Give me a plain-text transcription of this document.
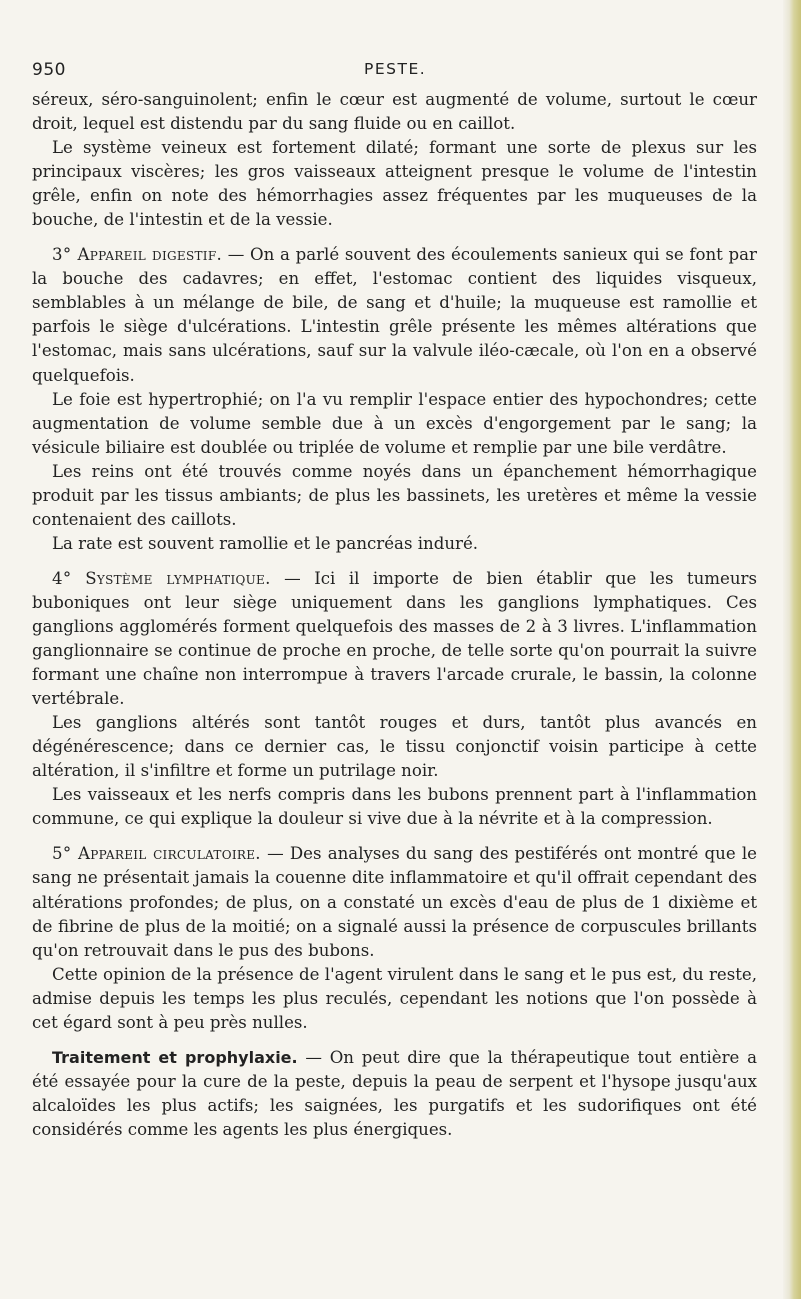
950	PESTE.

séreux, séro-sanguinolent; enfin le cœur est augmenté de volume, surtout le cœur droit, lequel est distendu par du sang fluide ou en caillot.

Le système veineux est fortement dilaté; formant une sorte de plexus sur les principaux viscères; les gros vaisseaux atteignent presque le volume de l'intestin grêle, enfin on note des hémorrhagies assez fréquentes par les muqueuses de la bouche, de l'intestin et de la vessie.

3° Appareil digestif. — On a parlé souvent des écoulements sanieux qui se font par la bouche des cadavres; en effet, l'estomac contient des liquides visqueux, semblables à un mélange de bile, de sang et d'huile; la muqueuse est ramollie et parfois le siège d'ulcérations. L'intestin grêle présente les mêmes altérations que l'estomac, mais sans ulcérations, sauf sur la valvule iléo-cæcale, où l'on en a observé quelquefois.

Le foie est hypertrophié; on l'a vu remplir l'espace entier des hypochondres; cette augmentation de volume semble due à un excès d'engorgement par le sang; la vésicule biliaire est doublée ou triplée de volume et remplie par une bile verdâtre.

Les reins ont été trouvés comme noyés dans un épanchement hémorrhagique produit par les tissus ambiants; de plus les bassinets, les uretères et même la vessie contenaient des caillots.

La rate est souvent ramollie et le pancréas induré.

4° Système lymphatique. — Ici il importe de bien établir que les tumeurs buboniques ont leur siège uniquement dans les ganglions lymphatiques. Ces ganglions agglomérés forment quelquefois des masses de 2 à 3 livres. L'inflammation ganglionnaire se continue de proche en proche, de telle sorte qu'on pourrait la suivre formant une chaîne non interrompue à travers l'arcade crurale, le bassin, la colonne vertébrale.

Les ganglions altérés sont tantôt rouges et durs, tantôt plus avancés en dégénérescence; dans ce dernier cas, le tissu conjonctif voisin participe à cette altération, il s'infiltre et forme un putrilage noir.

Les vaisseaux et les nerfs compris dans les bubons prennent part à l'inflammation commune, ce qui explique la douleur si vive due à la névrite et à la compression.

5° Appareil circulatoire. — Des analyses du sang des pestiférés ont montré que le sang ne présentait jamais la couenne dite inflammatoire et qu'il offrait cependant des altérations profondes; de plus, on a constaté un excès d'eau de plus de 1 dixième et de fibrine de plus de la moitié; on a signalé aussi la présence de corpuscules brillants qu'on retrouvait dans le pus des bubons.

Cette opinion de la présence de l'agent virulent dans le sang et le pus est, du reste, admise depuis les temps les plus reculés, cependant les notions que l'on possède à cet égard sont à peu près nulles.

Traitement et prophylaxie. — On peut dire que la thérapeutique tout entière a été essayée pour la cure de la peste, depuis la peau de serpent et l'hysope jusqu'aux alcaloïdes les plus actifs; les saignées, les purgatifs et les sudorifiques ont été considérés comme les agents les plus énergiques.
